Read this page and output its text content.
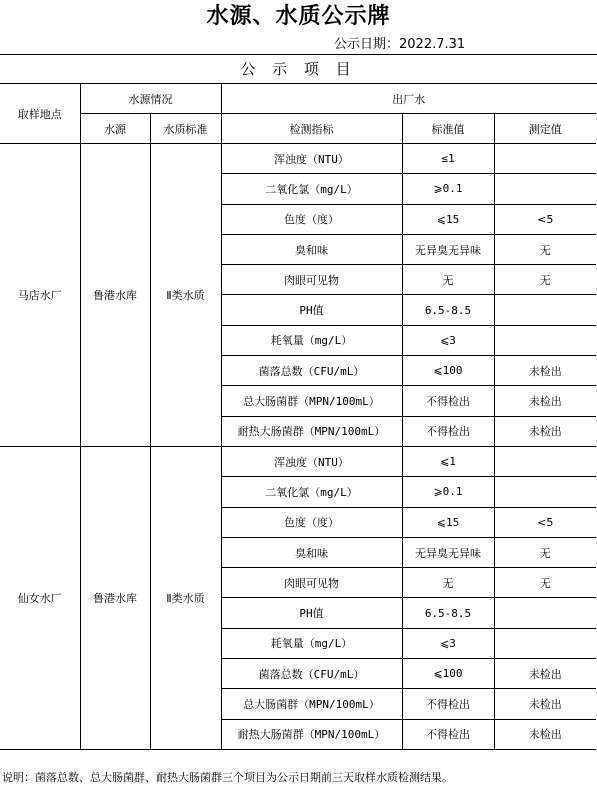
水源、水质公示牌
公示日期：2022.7.31
公 示 项 目
取样地点	水源情况		出厂水		
	水源	水质标准	检测指标	标准值	测定值
马店水厂	鲁港水库	Ⅱ类水质	浑浊度（NTU）	≤1	
			二氧化氯（mg/L）	⩾0.1	
			色度（度）	⩽15	<5
			臭和味	无异臭无异味	无
			肉眼可见物	无	无
			PH值	6.5-8.5	
			耗氧量（mg/L）	⩽3	
			菌落总数（CFU/mL）	⩽100	未检出
			总大肠菌群（MPN/100mL）	不得检出	未检出
			耐热大肠菌群（MPN/100mL）	不得检出	未检出
仙女水厂	鲁港水库	Ⅱ类水质	浑浊度（NTU）	⩽1	
			二氧化氯（mg/L）	⩾0.1	
			色度（度）	⩽15	<5
			臭和味	无异臭无异味	无
			肉眼可见物	无	无
			PH值	6.5-8.5	
			耗氧量（mg/L）	⩽3	
			菌落总数（CFU/mL）	⩽100	未检出
			总大肠菌群（MPN/100mL）	不得检出	未检出
			耐热大肠菌群（MPN/100mL）	不得检出	未检出
说明：菌落总数、总大肠菌群、耐热大肠菌群三个项目为公示日期前三天取样水质检测结果。
